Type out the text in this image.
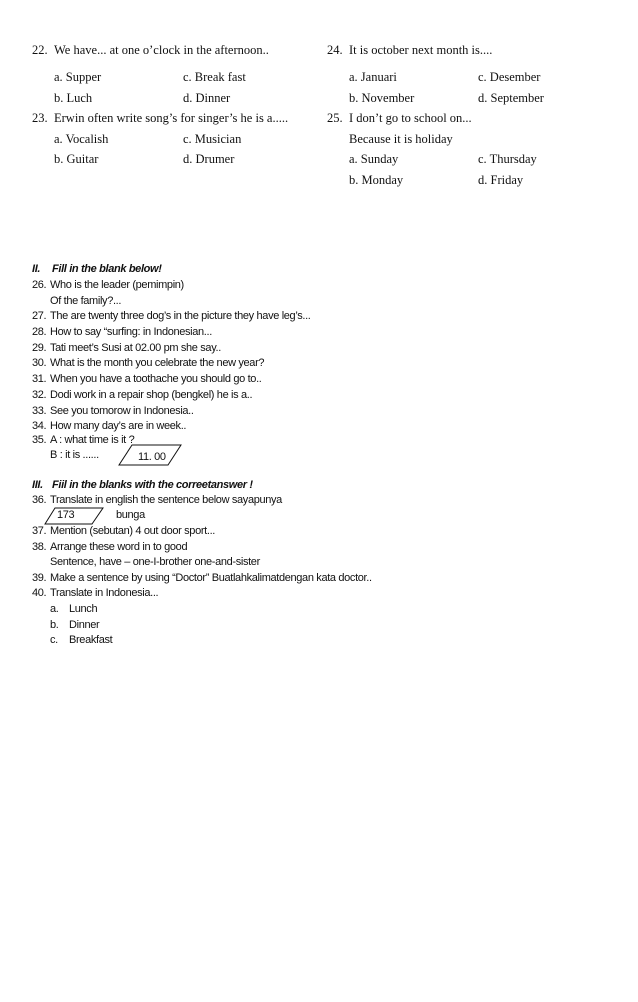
22. We have... at one o’clock in the afternoon..
a. Supper	c. Break fast
b. Luch	d. Dinner
23. Erwin often write song’s for singer’s he is a.....
a. Vocalish	c. Musician
b. Guitar	d. Drumer
24. It is october next month is....
a. Januari	c. Desember
b. November	d. September
25. I don’t go to school on...
Because it is holiday
a. Sunday	c. Thursday
b. Monday	d. Friday
II. Fill in the blank below!
26. Who is the leader (pemimpin)
Of the family?...
27. The are twenty three dog’s in the picture they have leg’s...
28. How to say “surfing: in Indonesian...
29. Tati meet’s Susi at 02.00 pm she say..
30. What is the month you celebrate the new year?
31. When you have a toothache you should go to..
32. Dodi work in a repair shop (bengkel) he is a..
33. See you tomorow in Indonesia..
34. How many day’s are in week..
35. A : what time is it ?
B : it is ......	11. 00
III. Fiil in the blanks with the correetanswer !
36. Translate in english the sentence below sayapunya
173	bunga
37. Mention (sebutan) 4 out door sport...
38. Arrange these word in to good
Sentence, have – one-I-brother one-and-sister
39. Make a sentence by using “Doctor” Buatlahkalimatdengan kata doctor..
40. Translate in Indonesia...
a. Lunch
b. Dinner
c. Breakfast
